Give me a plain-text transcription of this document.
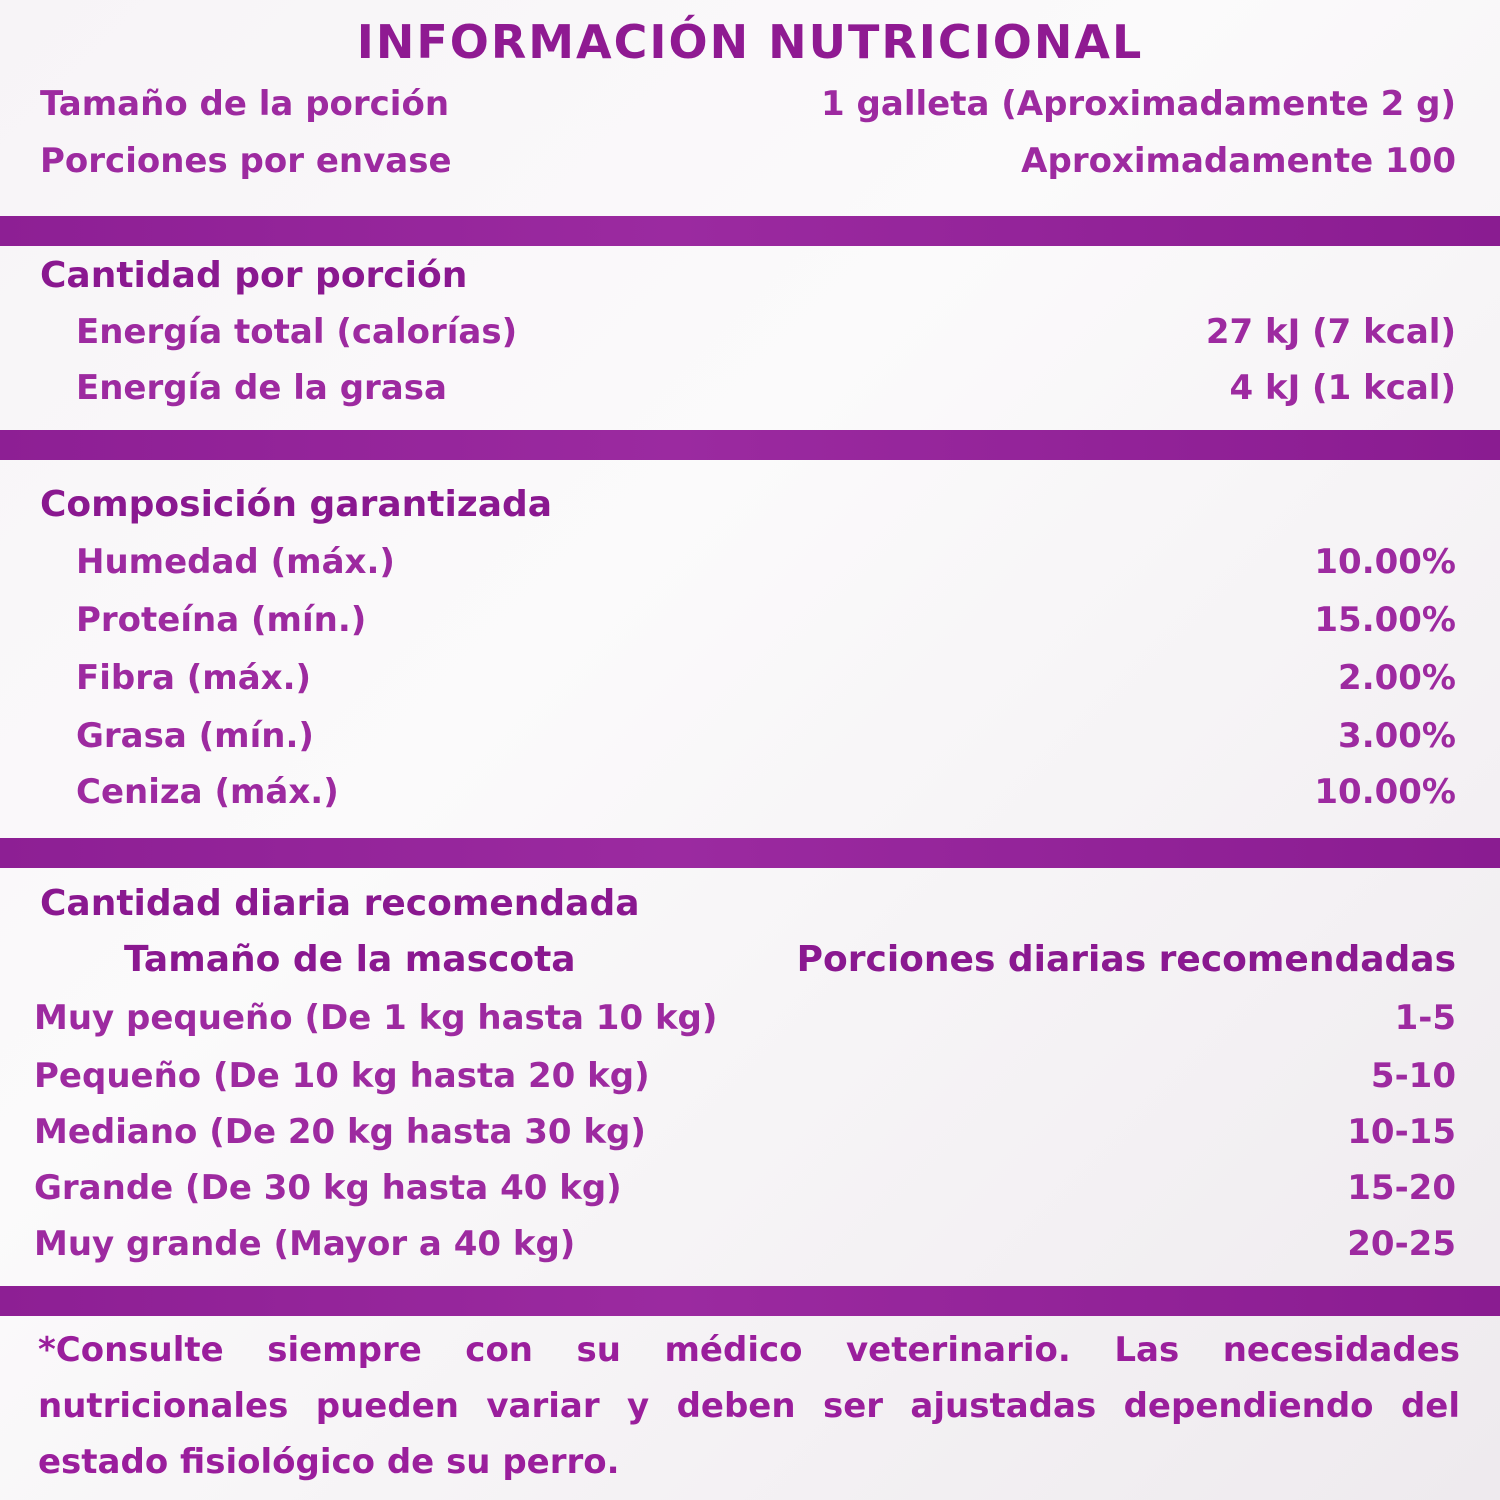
INFORMACIÓN NUTRICIONAL
Tamaño de la porción	1 galleta (Aproximadamente 2 g)
Porciones por envase	Aproximadamente 100
Cantidad por porción
Energía total (calorías)	27 kJ (7 kcal)
Energía de la grasa	4 kJ (1 kcal)
Composición garantizada
Humedad (máx.)	10.00%
Proteína (mín.)	15.00%
Fibra (máx.)	2.00%
Grasa (mín.)	3.00%
Ceniza (máx.)	10.00%
Cantidad diaria recomendada
Tamaño de la mascota	Porciones diarias recomendadas
Muy pequeño (De 1 kg hasta 10 kg)	1-5
Pequeño (De 10 kg hasta 20 kg)	5-10
Mediano (De 20 kg hasta 30 kg)	10-15
Grande (De 30 kg hasta 40 kg)	15-20
Muy grande (Mayor a 40 kg)	20-25
*Consulte siempre con su médico veterinario. Las necesidades nutricionales pueden variar y deben ser ajustadas dependiendo del estado fisiológico de su perro.
